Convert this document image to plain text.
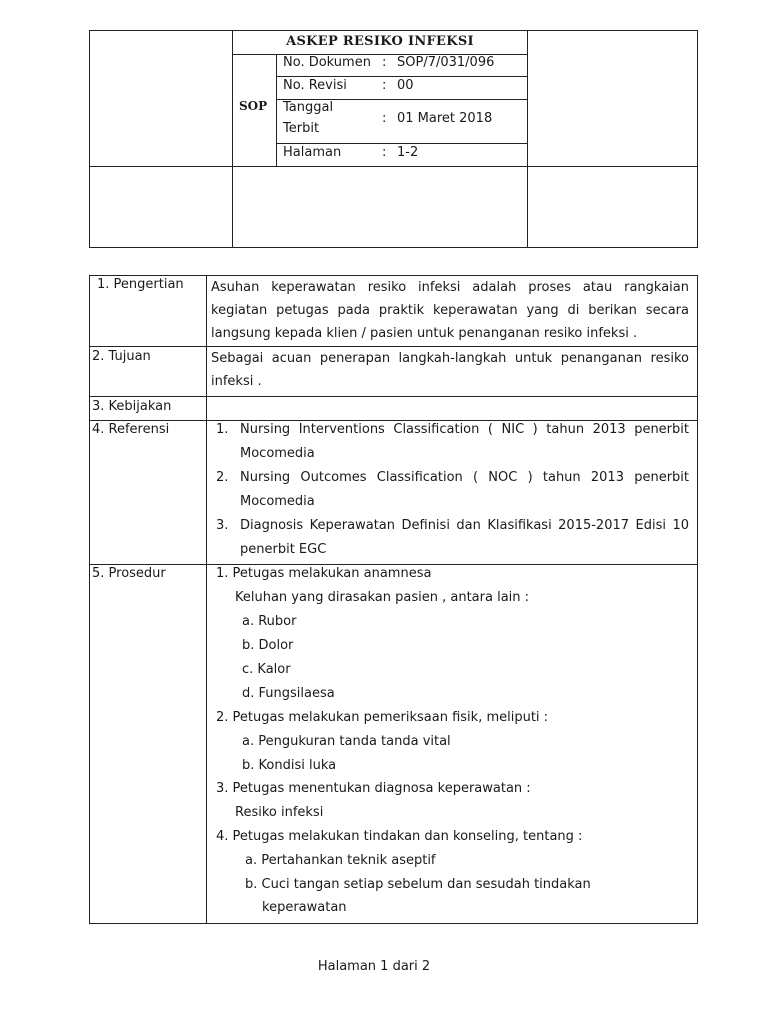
ASKEP RESIKO INFEKSI
SOP
No. Dokumen : SOP/7/031/096
No. Revisi	: 00
Tanggal
Terbit
: 01 Maret 2018
Halaman	: 1-2
1. Pengertian Asuhan keperawatan resiko infeksi adalah proses atau rangkaian
kegiatan petugas pada praktik keperawatan yang di berikan secara
langsung kepada klien / pasien untuk penanganan resiko infeksi .
2. Tujuan	Sebagai acuan penerapan langkah-langkah untuk penanganan resiko
infeksi .
3. Kebijakan
4. Referensi	1. Nursing Interventions Classification ( NIC ) tahun 2013 penerbit
Mocomedia
2. Nursing Outcomes Classification ( NOC ) tahun 2013 penerbit
Mocomedia
3. Diagnosis Keperawatan Definisi dan Klasifikasi 2015-2017 Edisi 10
penerbit EGC
5. Prosedur	1. Petugas melakukan anamnesa
Keluhan yang dirasakan pasien , antara lain :
a. Rubor
b. Dolor
c. Kalor
d. Fungsilaesa
2. Petugas melakukan pemeriksaan fisik, meliputi :
a. Pengukuran tanda tanda vital
b. Kondisi luka
3. Petugas menentukan diagnosa keperawatan :
Resiko infeksi
4. Petugas melakukan tindakan dan konseling, tentang :
a. Pertahankan teknik aseptif
b. Cuci tangan setiap sebelum dan sesudah tindakan
keperawatan
Halaman 1 dari 2
